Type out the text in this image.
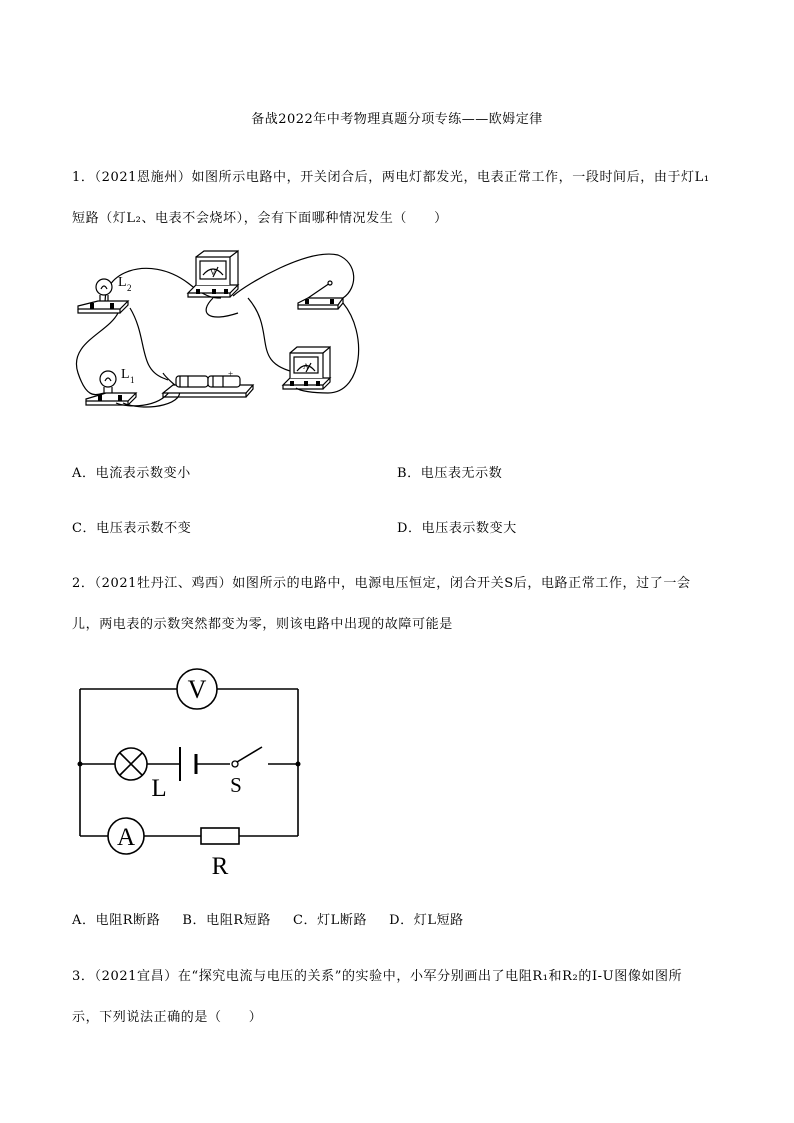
备战2022年中考物理真题分项专练——欧姆定律
1．（2021恩施州）如图所示电路中，开关闭合后，两电灯都发光，电表正常工作，一段时间后，由于灯L₁
短路（灯L₂、电表不会烧坏），会有下面哪种情况发生（　　）
L 2
L 1
V
A
+
A．电流表示数变小	B．电压表无示数
C．电压表示数不变	D．电压表示数变大
2．（2021牡丹江、鸡西）如图所示的电路中，电源电压恒定，闭合开关S后，电路正常工作，过了一会
儿，两电表的示数突然都变为零，则该电路中出现的故障可能是
V
L	S
A
R
A．电阻R断路 B．电阻R短路 C．灯L断路 D．灯L短路
3．（2021宜昌）在“探究电流与电压的关系”的实验中，小军分别画出了电阻R₁和R₂的I-U图像如图所
示，下列说法正确的是（　　）
